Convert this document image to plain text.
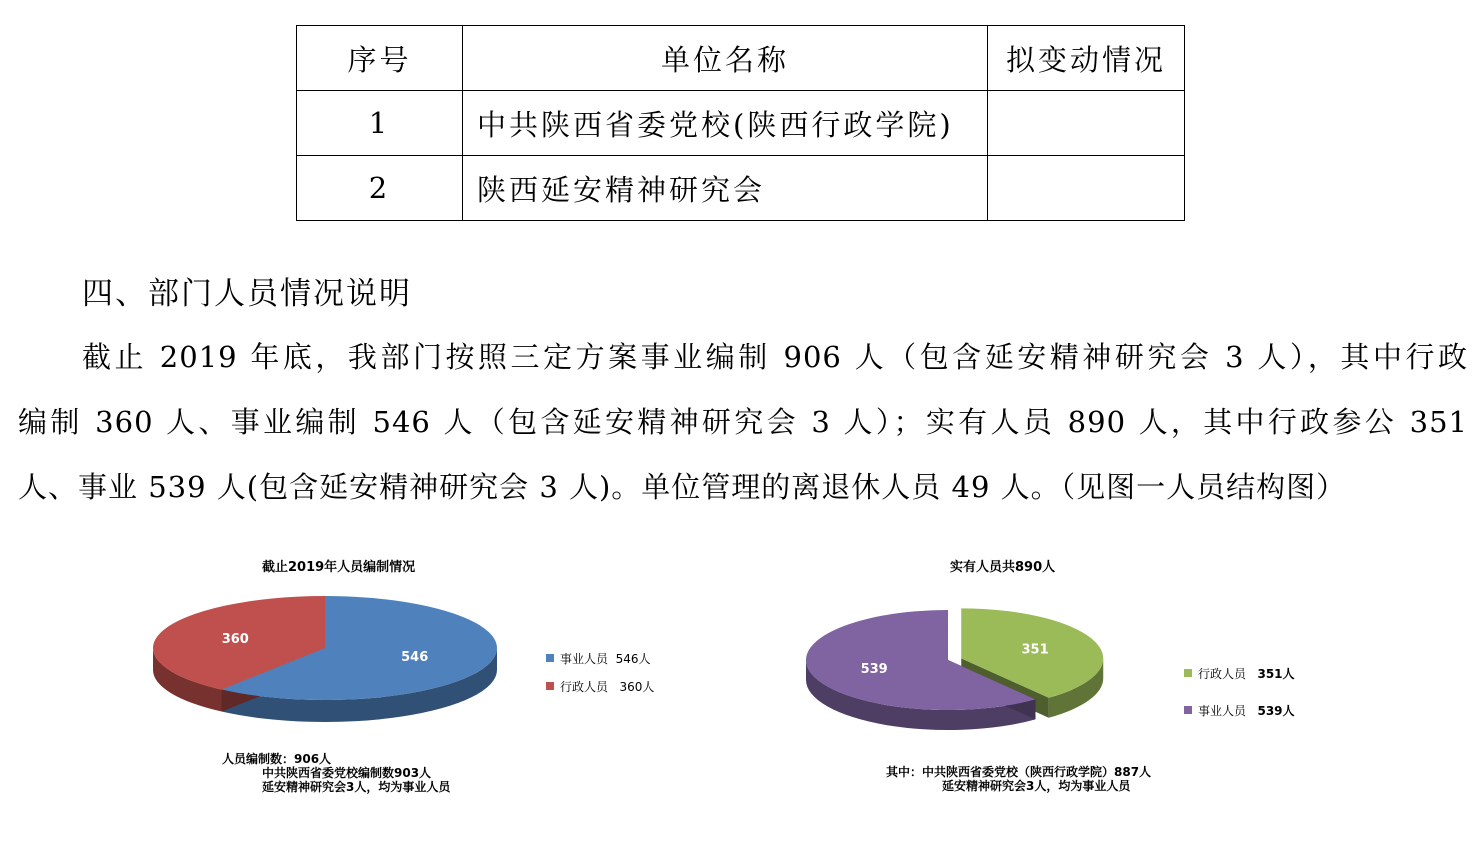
序号	单位名称	拟变动情况
1	中共陕西省委党校(陕西行政学院)	
2	陕西延安精神研究会	
四、部门人员情况说明

截止 2019 年底，我部门按照三定方案事业编制 906 人（包含延安精神研究会 3 人），其中行政
编制 360 人、事业编制 546 人（包含延安精神研究会 3 人）；实有人员 890 人，其中行政参公 351
人、事业 539 人(包含延安精神研究会 3 人)。单位管理的离退休人员 49 人。（见图一人员结构图）

截止2019年人员编制情况
546
360
事业人员 546人
行政人员 360人
人员编制数：906人
中共陕西省委党校编制数903人
延安精神研究会3人，均为事业人员
实有人员共890人
351
539	行政人员 351人
事业人员 539人
其中：中共陕西省委党校（陕西行政学院）887人
延安精神研究会3人，均为事业人员
